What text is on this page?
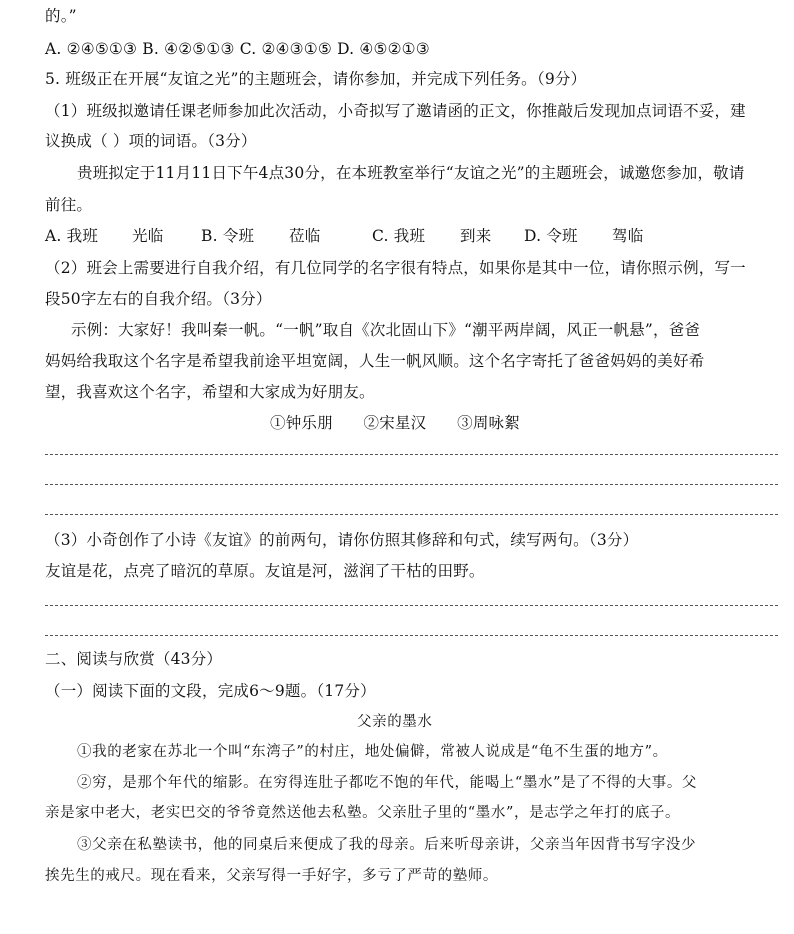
的。”
A. ②④⑤①③ B. ④②⑤①③ C. ②④③①⑤ D. ④⑤②①③
5. 班级正在开展“友谊之光”的主题班会，请你参加，并完成下列任务。（9分）
（1）班级拟邀请任课老师参加此次活动，小奇拟写了邀请函的正文，你推敲后发现加点词语不妥，建
议换成（ ）项的词语。（3分）
贵班拟定于11月11日下午4点30分，在本班教室举行“友谊之光”的主题班会，诚邀您参加，敬请
前往。
A. 我班 光临 B. 令班 莅临	C. 我班 到来 D. 令班 驾临
（2）班会上需要进行自我介绍，有几位同学的名字很有特点，如果你是其中一位，请你照示例，写一
段50字左右的自我介绍。（3分）
示例：大家好！我叫秦一帆。“一帆”取自《次北固山下》“潮平两岸阔，风正一帆悬”，爸爸
妈妈给我取这个名字是希望我前途平坦宽阔，人生一帆风顺。这个名字寄托了爸爸妈妈的美好希
望，我喜欢这个名字，希望和大家成为好朋友。
①钟乐朋      ②宋星汉      ③周咏絮
（3）小奇创作了小诗《友谊》的前两句，请你仿照其修辞和句式，续写两句。（3分）
友谊是花，点亮了暗沉的草原。友谊是河，滋润了干枯的田野。
二、阅读与欣赏（43分）
（一）阅读下面的文段，完成6～9题。（17分）
父亲的墨水
①我的老家在苏北一个叫“东湾子”的村庄，地处偏僻，常被人说成是“龟不生蛋的地方”。
②穷，是那个年代的缩影。在穷得连肚子都吃不饱的年代，能喝上“墨水”是了不得的大事。父
亲是家中老大，老实巴交的爷爷竟然送他去私塾。父亲肚子里的“墨水”，是志学之年打的底子。
③父亲在私塾读书，他的同桌后来便成了我的母亲。后来听母亲讲，父亲当年因背书写字没少
挨先生的戒尺。现在看来，父亲写得一手好字，多亏了严苛的塾师。
